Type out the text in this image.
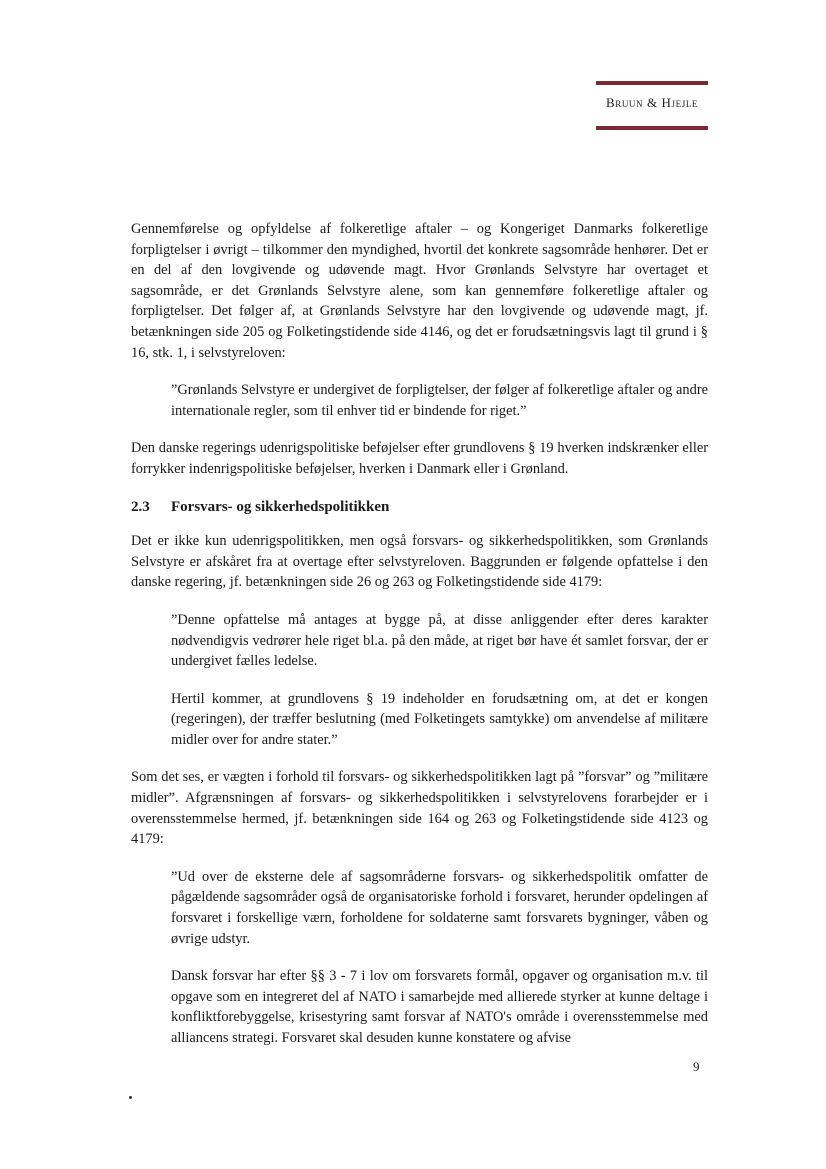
Bruun & Hjejle

Gennemførelse og opfyldelse af folkeretlige aftaler – og Kongeriget Danmarks folkeretlige forpligtelser i øvrigt – tilkommer den myndighed, hvortil det konkrete sagsområde henhører. Det er en del af den lovgivende og udøvende magt. Hvor Grønlands Selvstyre har overtaget et sagsområde, er det Grønlands Selvstyre alene, som kan gennemføre folkeretlige aftaler og forpligtelser. Det følger af, at Grønlands Selvstyre har den lovgivende og udøvende magt, jf. betænkningen side 205 og Folketingstidende side 4146, og det er forudsætningsvis lagt til grund i § 16, stk. 1, i selvstyreloven:

”Grønlands Selvstyre er undergivet de forpligtelser, der følger af folkeretlige aftaler og andre internationale regler, som til enhver tid er bindende for riget.”

Den danske regerings udenrigspolitiske beføjelser efter grundlovens § 19 hverken indskrænker eller forrykker indenrigspolitiske beføjelser, hverken i Danmark eller i Grønland.

2.3	Forsvars- og sikkerhedspolitikken

Det er ikke kun udenrigspolitikken, men også forsvars- og sikkerhedspolitikken, som Grønlands Selvstyre er afskåret fra at overtage efter selvstyreloven. Baggrunden er følgende opfattelse i den danske regering, jf. betænkningen side 26 og 263 og Folketingstidende side 4179:

”Denne opfattelse må antages at bygge på, at disse anliggender efter deres karakter nødvendigvis vedrører hele riget bl.a. på den måde, at riget bør have ét samlet forsvar, der er undergivet fælles ledelse.

Hertil kommer, at grundlovens § 19 indeholder en forudsætning om, at det er kongen (regeringen), der træffer beslutning (med Folketingets samtykke) om anvendelse af militære midler over for andre stater.”

Som det ses, er vægten i forhold til forsvars- og sikkerhedspolitikken lagt på ”forsvar” og ”militære midler”. Afgrænsningen af forsvars- og sikkerhedspolitikken i selvstyrelovens forarbejder er i overensstemmelse hermed, jf. betænkningen side 164 og 263 og Folketingstidende side 4123 og 4179:

”Ud over de eksterne dele af sagsområderne forsvars- og sikkerhedspolitik omfatter de pågældende sagsområder også de organisatoriske forhold i forsvaret, herunder opdelingen af forsvaret i forskellige værn, forholdene for soldaterne samt forsvarets bygninger, våben og øvrige udstyr.

Dansk forsvar har efter §§ 3 - 7 i lov om forsvarets formål, opgaver og organisation m.v. til opgave som en integreret del af NATO i samarbejde med allierede styrker at kunne deltage i konfliktforebyggelse, krisestyring samt forsvar af NATO's område i overensstemmelse med alliancens strategi. Forsvaret skal desuden kunne konstatere og afvise

9
